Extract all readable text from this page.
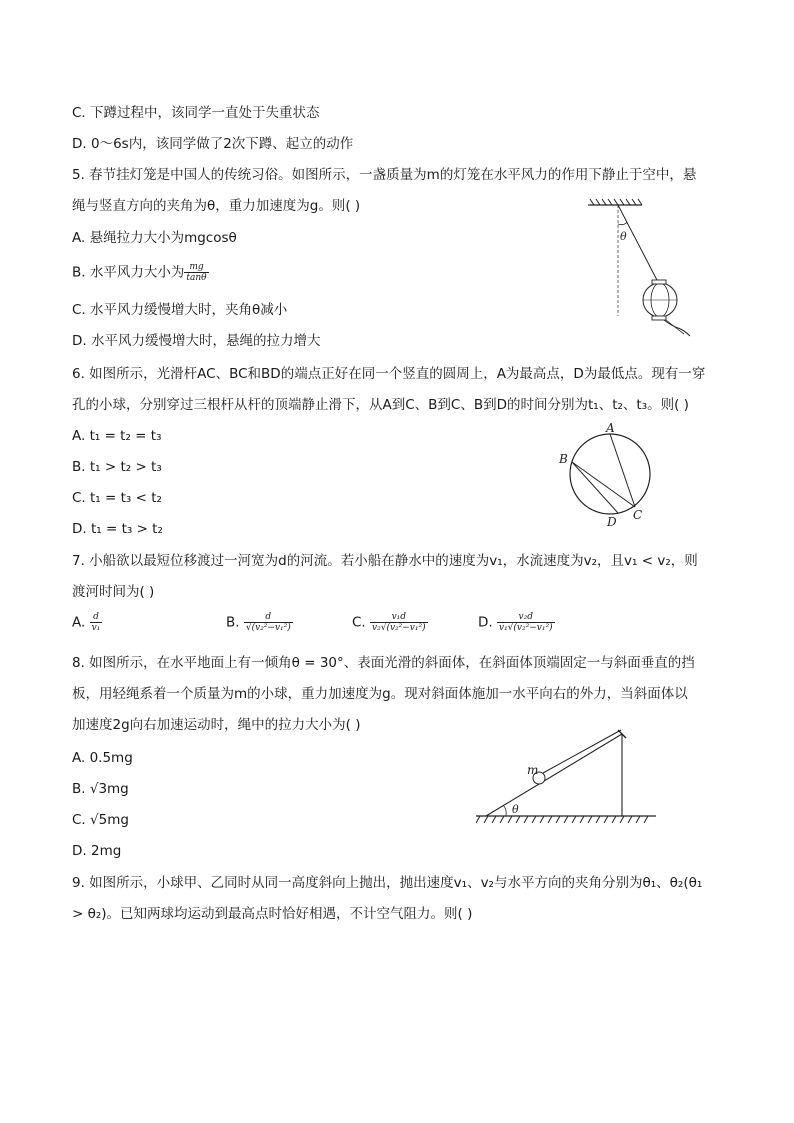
C. 下蹲过程中，该同学一直处于失重状态
D. 0～6s内，该同学做了2次下蹲、起立的动作
5. 春节挂灯笼是中国人的传统习俗。如图所示，一盏质量为m的灯笼在水平风力的作用下静止于空中，悬
绳与竖直方向的夹角为θ，重力加速度为g。则( )
A. 悬绳拉力大小为mgcosθ
B. 水平风力大小为 $\frac{mg}{\tan\theta}$
C. 水平风力缓慢增大时，夹角θ减小
D. 水平风力缓慢增大时，悬绳的拉力增大
6. 如图所示，光滑杆AC、BC和BD的端点正好在同一个竖直的圆周上，A为最高点，D为最低点。现有一穿
孔的小球，分别穿过三根杆从杆的顶端静止滑下，从A到C、B到C、B到D的时间分别为t₁、t₂、t₃。则( )
A. t₁ = t₂ = t₃
B. t₁ > t₂ > t₃
C. t₁ = t₃ < t₂
D. t₁ = t₃ > t₂
7. 小船欲以最短位移渡过一河宽为d的河流。若小船在静水中的速度为v₁，水流速度为v₂，且v₁ < v₂，则
渡河时间为( )
A. $\frac{d}{\text{v₁}}$	B. $\frac{d}{\text{√(v₂²−v₁²)}}$	C. $\frac{\text{v₁d}}{\text{v₂√(v₂²−v₁²)}}$	D. $\frac{\text{v₂d}}{\text{v₁√(v₂²−v₁²)}}$
8. 如图所示，在水平地面上有一倾角θ = 30°、表面光滑的斜面体，在斜面体顶端固定一与斜面垂直的挡
板，用轻绳系着一个质量为m的小球，重力加速度为g。现对斜面体施加一水平向右的外力，当斜面体以
加速度2g向右加速运动时，绳中的拉力大小为( )
A. 0.5mg
B. √3mg
C. √5mg
D. 2mg
9. 如图所示，小球甲、乙同时从同一高度斜向上抛出，抛出速度v₁、v₂与水平方向的夹角分别为θ₁、θ₂(θ₁
> θ₂)。已知两球均运动到最高点时恰好相遇，不计空气阻力。则( )
θ
A
B
C
D
θ
m
